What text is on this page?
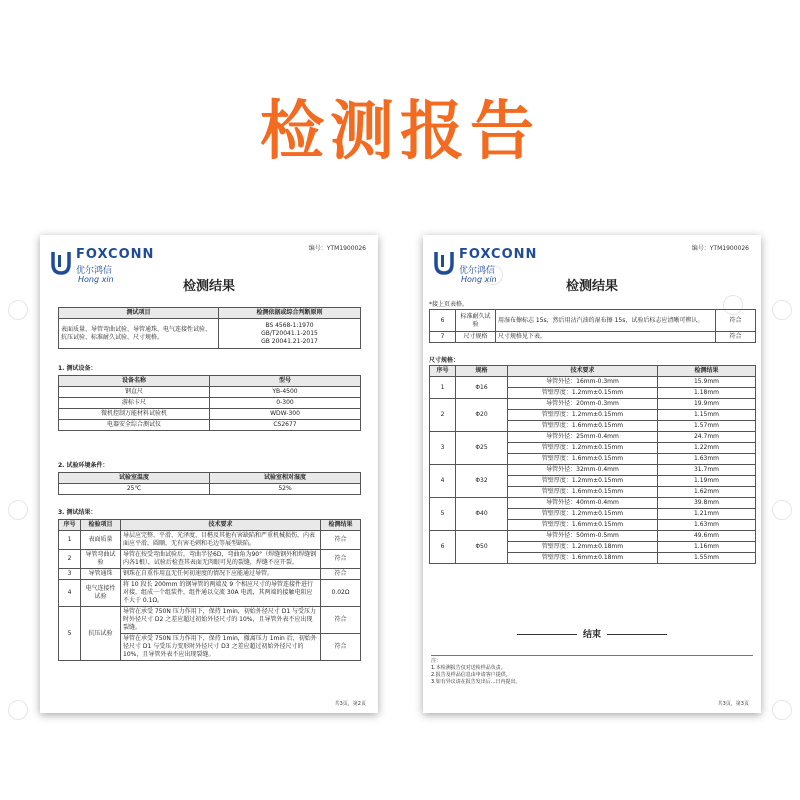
检测报告
FOXCONN
优尔鸿信
Hong xin
编号：YTM1900026
检测结果
测试项目	检测依据或综合判断原则
表面质量、导管弯曲试验、导管通珠、电气连接性试验、抗压试验、标准耐久试验、尺寸规格。	BS 4568-1:1970
GB/T20041.1-2015
GB 20041.21-2017
1. 测试设备：
设备名称	型号
钢直尺	YB-4500
游标卡尺	0-300
微机控制万能材料试验机	WDW-300
电器安全综合测试仪	CS2677
2. 试验环境条件：
试验室温度	试验室相对湿度
25℃	52%
3. 测试结果：
序号	检验项目	技术要求	检测结果
1	表面质量	导层应完整、平滑、光泽度、目楷及其他有害缺陷和严重机械损伤，内表面应平滑，圆顺，无有害毛刺和毛边等展型缺陷。	符合
2	导管弯曲试验	导管在按受弯曲试验后，弯曲半径6D，弯曲角为90°（焊缝钢外和焊缝钢内各1根），试验后检查其表面无肉眼可见的裂缝，焊缝不应开裂。	符合
3	导管通珠	钢珠在自重作用直无任何初速度的情况下应能通过导管。	符合
4	电气连接性试验	将 10 段长 200mm 的钢导管的两端及 9 个相应尺寸的导管连接件进行对接，组成一个组装件，组件通以交流 30A 电流，其两端的接触电阻应不大于 0.1Ω。	0.02Ω
5	抗压试验	导管在承受 750N 压力作用下，保持 1min，初始外径尺寸 D1 与受压力时外径尺寸 D2 之差应超过初始外径尺寸的 10%，且导管外表不应出现裂缝。	符合
		导管在承受 750N 压力作用下，保持 1min，撤离压力 1min 后，初始外径尺寸 D1 与受压力变形时外径尺寸 D3 之差应超过初始外径尺寸的 10%，且导管外表不应出现裂缝。	符合
共3页，第2页
FOXCONN
优尔鸿信
Hong xin
编号：YTM1900026
检测结果
*接上页表格。
6	标准耐久试验	用湿布擦标志 15s，然后用沾汽油的湿布擦 15s，试验后标志应清晰可辨认。	符合
7	尺寸规格	尺寸规格见下表。	符合
尺寸规格：
序号	规格	技术要求	检测结果
1	Φ16	导管外径：16mm-0.3mm	15.9mm
		管壁厚度：1.2mm±0.15mm	1.18mm
2	Φ20	导管外径：20mm-0.3mm	19.9mm
		管壁厚度：1.2mm±0.15mm	1.15mm
		管壁厚度：1.6mm±0.15mm	1.57mm
3	Φ25	导管外径：25mm-0.4mm	24.7mm
		管壁厚度：1.2mm±0.15mm	1.22mm
		管壁厚度：1.6mm±0.15mm	1.63mm
4	Φ32	导管外径：32mm-0.4mm	31.7mm
		管壁厚度：1.2mm±0.15mm	1.19mm
		管壁厚度：1.6mm±0.15mm	1.62mm
5	Φ40	导管外径：40mm-0.4mm	39.8mm
		管壁厚度：1.2mm±0.15mm	1.21mm
		管壁厚度：1.6mm±0.15mm	1.63mm
6	Φ50	导管外径：50mm-0.5mm	49.6mm
		管壁厚度：1.2mm±0.18mm	1.16mm
		管壁厚度：1.6mm±0.18mm	1.55mm
结束
注：
1.本检测报告仅对送检样品负责。
2.报告及样品信息由申请客户提供。
3.如有异议请在报告发出后...日内提出。
共3页，第3页
